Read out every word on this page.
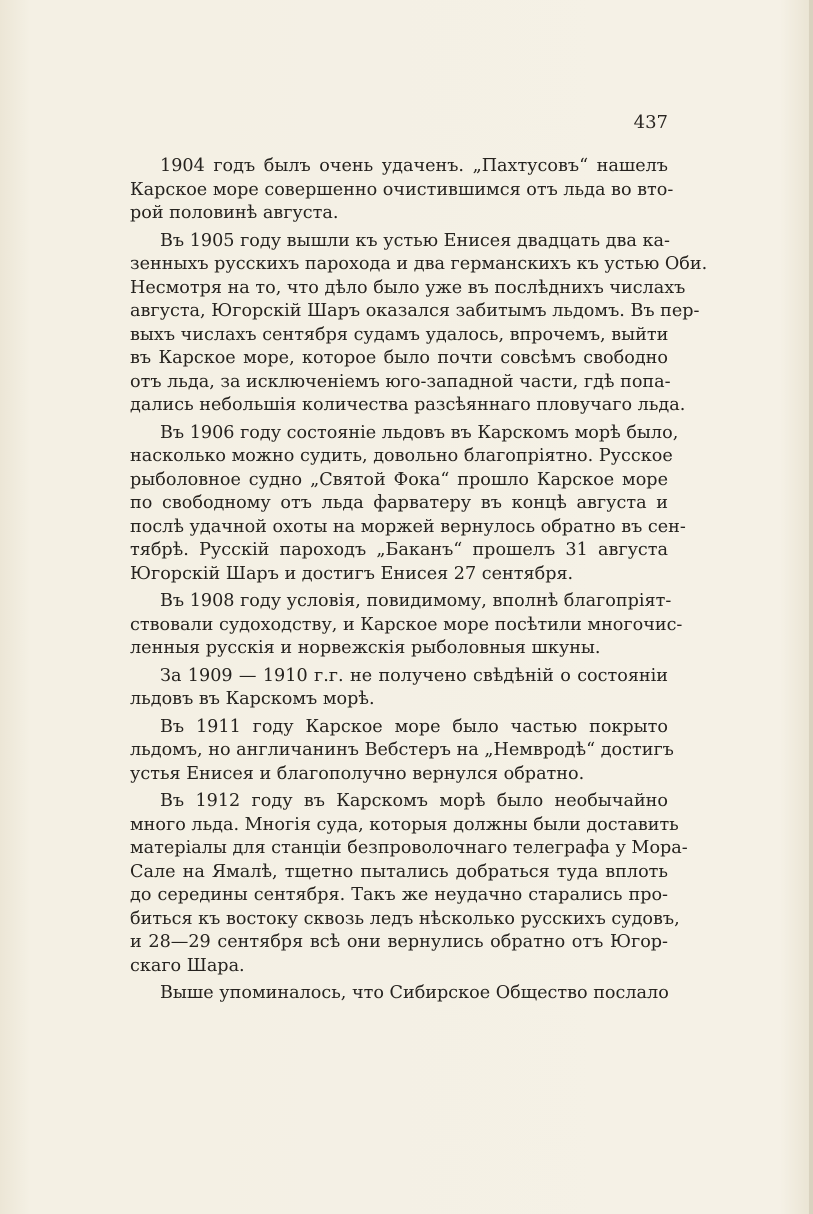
437

1904 годъ былъ очень удаченъ. „Пахтусовъ“ нашелъ
Карское море совершенно очистившимся отъ льда во вто-
рой половинѣ августа.
Въ 1905 году вышли къ устью Енисея двадцать два ка-
зенныхъ русскихъ парохода и два германскихъ къ устью Оби.
Несмотря на то, что дѣло было уже въ послѣднихъ числахъ
августа, Югорскій Шаръ оказался забитымъ льдомъ. Въ пер-
выхъ числахъ сентября судамъ удалось, впрочемъ, выйти
въ Карское море, которое было почти совсѣмъ свободно
отъ льда, за исключеніемъ юго-западной части, гдѣ попа-
дались небольшія количества разсѣяннаго пловучаго льда.
Въ 1906 году состояніе льдовъ въ Карскомъ морѣ было,
насколько можно судить, довольно благопріятно. Русское
рыболовное судно „Святой Фока“ прошло Карское море
по свободному отъ льда фарватеру въ концѣ августа и
послѣ удачной охоты на моржей вернулось обратно въ сен-
тябрѣ. Русскій пароходъ „Баканъ“ прошелъ 31 августа
Югорскій Шаръ и достигъ Енисея 27 сентября.
Въ 1908 году условія, повидимому, вполнѣ благопріят-
ствовали судоходству, и Карское море посѣтили многочис-
ленныя русскія и норвежскія рыболовныя шкуны.
За 1909 — 1910 г.г. не получено свѣдѣній о состояніи
льдовъ въ Карскомъ морѣ.
Въ 1911 году Карское море было частью покрыто
льдомъ, но англичанинъ Вебстеръ на „Немвродѣ“ достигъ
устья Енисея и благополучно вернулся обратно.
Въ 1912 году въ Карскомъ морѣ было необычайно
много льда. Многія суда, которыя должны были доставить
матеріалы для станціи безпроволочнаго телеграфа у Мора-
Сале на Ямалѣ, тщетно пытались добраться туда вплоть
до середины сентября. Такъ же неудачно старались про-
биться къ востоку сквозь ледъ нѣсколько русскихъ судовъ,
и 28—29 сентября всѣ они вернулись обратно отъ Югор-
скаго Шара.
Выше упоминалось, что Сибирское Общество послало
